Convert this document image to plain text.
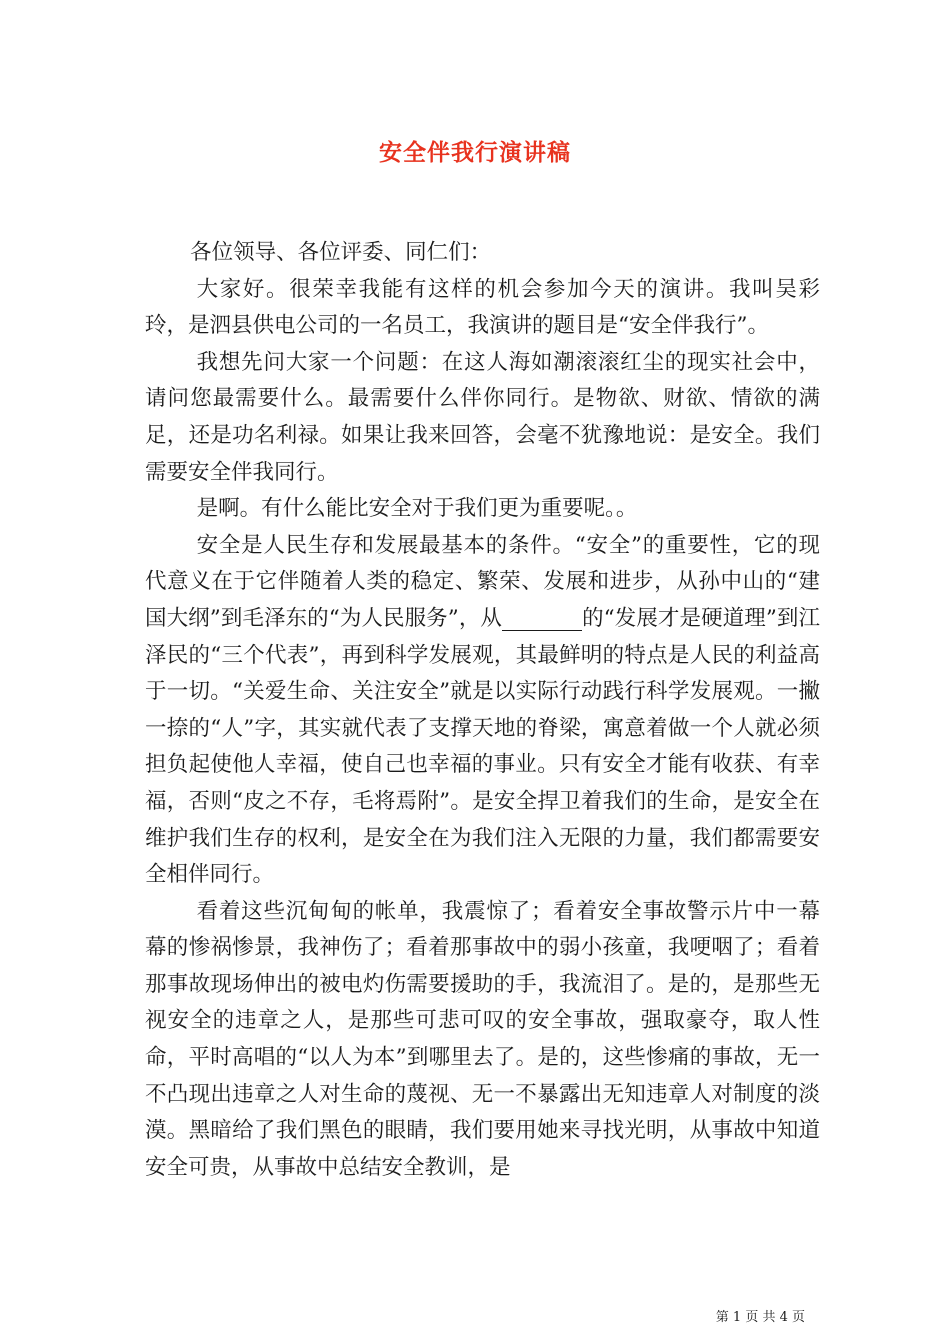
安全伴我行演讲稿

各位领导、各位评委、同仁们：

大家好。很荣幸我能有这样的机会参加今天的演讲。我叫吴彩玲，是泗县供电公司的一名员工，我演讲的题目是“安全伴我行”。

我想先问大家一个问题：在这人海如潮滚滚红尘的现实社会中，请问您最需要什么。最需要什么伴你同行。是物欲、财欲、情欲的满足，还是功名利禄。如果让我来回答，会毫不犹豫地说：是安全。我们需要安全伴我同行。

是啊。有什么能比安全对于我们更为重要呢。。

安全是人民生存和发展最基本的条件。“安全”的重要性，它的现代意义在于它伴随着人类的稳定、繁荣、发展和进步，从孙中山的“建国大纲”到毛泽东的“为人民服务”，从	的“发展才是硬道理”到江泽民的“三个代表”，再到科学发展观，其最鲜明的特点是人民的利益高于一切。“关爱生命、关注安全”就是以实际行动践行科学发展观。一撇一捺的“人”字，其实就代表了支撑天地的脊梁，寓意着做一个人就必须担负起使他人幸福，使自己也幸福的事业。只有安全才能有收获、有幸福，否则“皮之不存，毛将焉附”。是安全捍卫着我们的生命，是安全在维护我们生存的权利，是安全在为我们注入无限的力量，我们都需要安全相伴同行。

看着这些沉甸甸的帐单，我震惊了；看着安全事故警示片中一幕幕的惨祸惨景，我神伤了；看着那事故中的弱小孩童，我哽咽了；看着那事故现场伸出的被电灼伤需要援助的手，我流泪了。是的，是那些无视安全的违章之人，是那些可悲可叹的安全事故，强取豪夺，取人性命，平时高唱的“以人为本”到哪里去了。是的，这些惨痛的事故，无一不凸现出违章之人对生命的蔑视、无一不暴露出无知违章人对制度的淡漠。黑暗给了我们黑色的眼睛，我们要用她来寻找光明，从事故中知道安全可贵，从事故中总结安全教训，是

第 1 页 共 4 页
